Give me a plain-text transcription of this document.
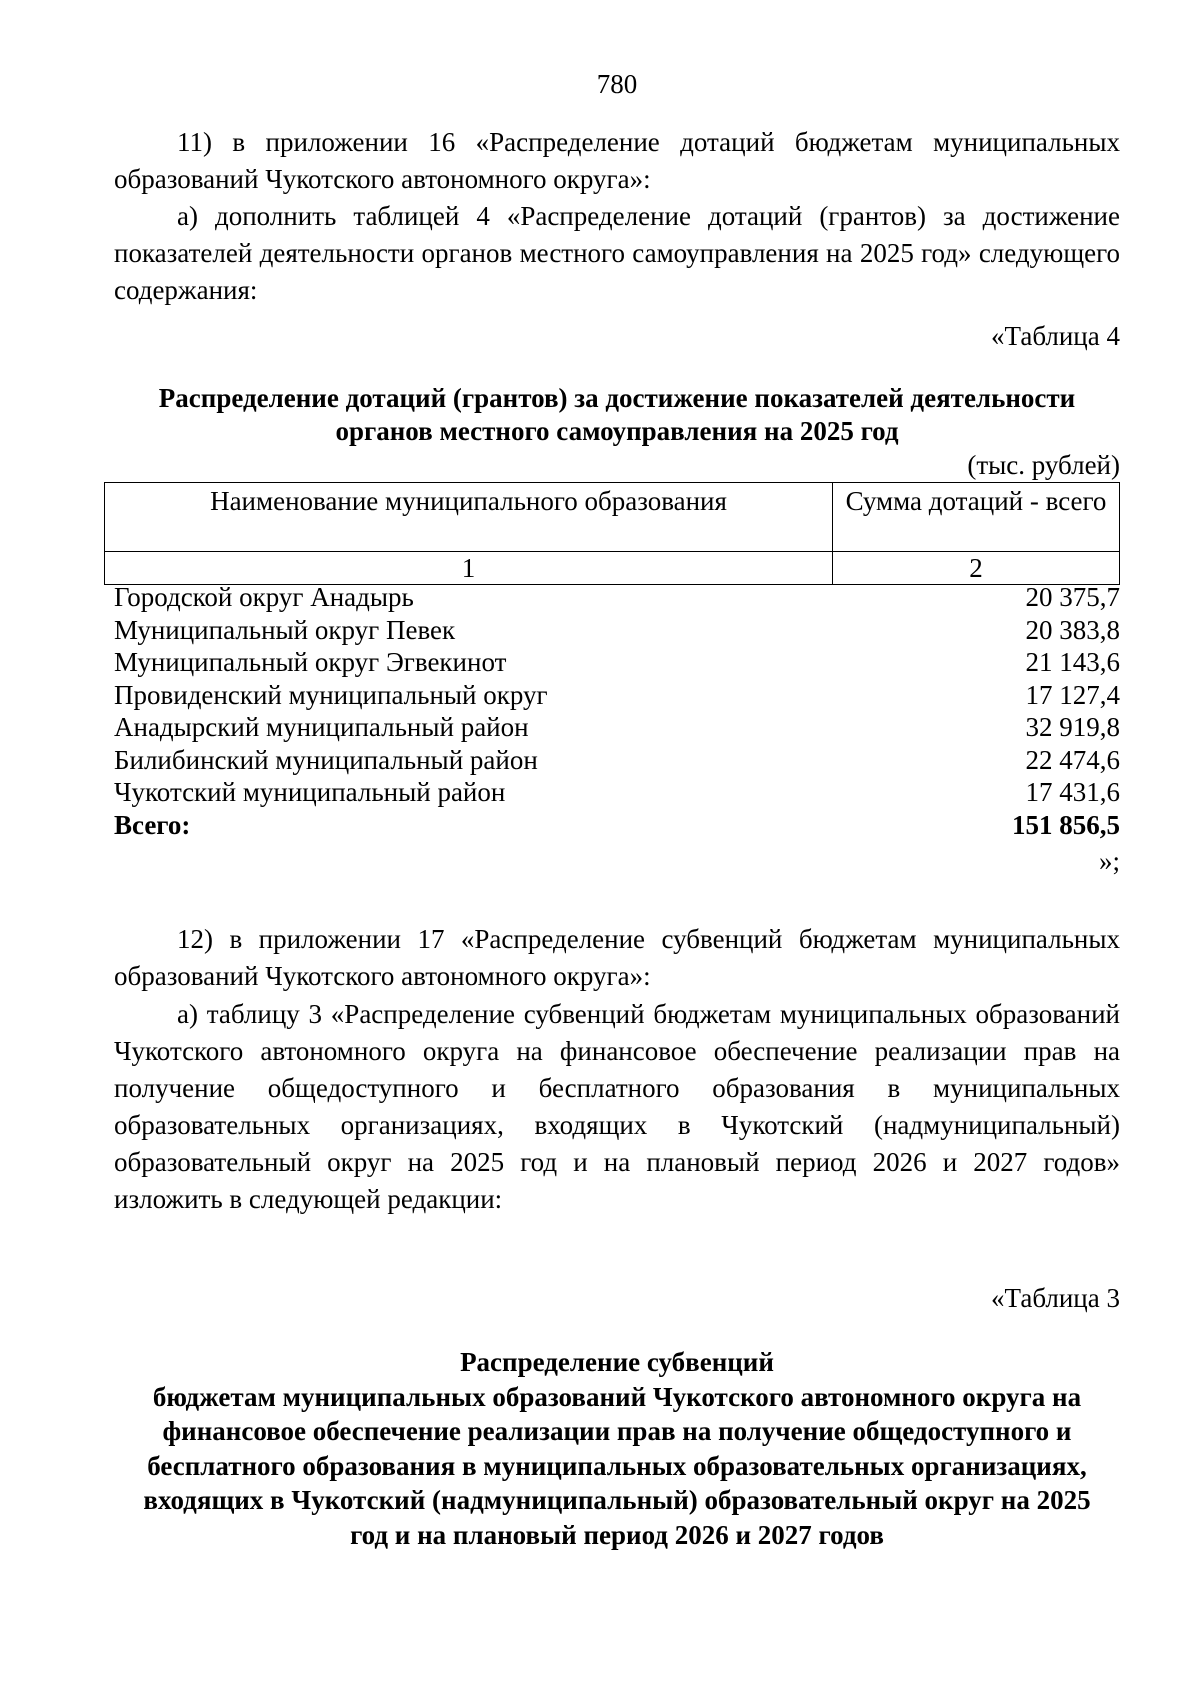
780

11) в приложении 16 «Распределение дотаций бюджетам муниципальных образований Чукотского автономного округа»:

а) дополнить таблицей 4 «Распределение дотаций (грантов) за достижение показателей деятельности органов местного самоуправления на 2025 год» следующего содержания:

«Таблица 4
Распределение дотаций (грантов) за достижение показателей деятельности
органов местного самоуправления на 2025 год
(тыс. рублей)
Наименование муниципального образования	Сумма дотаций - всего
1	2
Городской округ Анадырь	20 375,7
Муниципальный округ Певек	20 383,8
Муниципальный округ Эгвекинот	21 143,6
Провиденский муниципальный округ	17 127,4
Анадырский муниципальный район	32 919,8
Билибинский муниципальный район	22 474,6
Чукотский муниципальный район	17 431,6
Всего:	151 856,5
»;

12) в приложении 17 «Распределение субвенций бюджетам муниципальных образований Чукотского автономного округа»:

а) таблицу 3 «Распределение субвенций бюджетам муниципальных образований Чукотского автономного округа на финансовое обеспечение реализации прав на получение общедоступного и бесплатного образования в муниципальных образовательных организациях, входящих в Чукотский (надмуниципальный) образовательный округ на 2025 год и на плановый период 2026 и 2027 годов» изложить в следующей редакции:

«Таблица 3
Распределение субвенций
бюджетам муниципальных образований Чукотского автономного округа на
финансовое обеспечение реализации прав на получение общедоступного и
бесплатного образования в муниципальных образовательных организациях,
входящих в Чукотский (надмуниципальный) образовательный округ на 2025
год и на плановый период 2026 и 2027 годов
